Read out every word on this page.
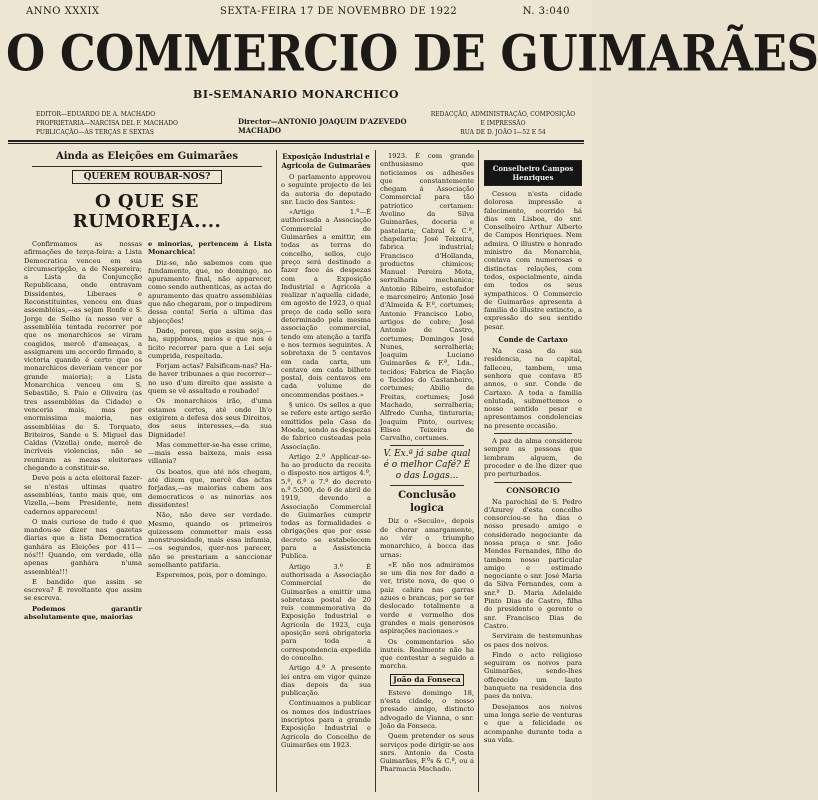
ANNO XXXIX	SEXTA-FEIRA 17 DE NOVEMBRO DE 1922	N. 3:040
O COMMERCIO DE GUIMARÃES
BI-SEMANARIO MONARCHICO
EDITOR—EDUARDO DE A. MACHADO
PROPRIETARIA—NARCISA DEL F. MACHADO
PUBLICAÇÃO—ÁS TERÇAS E SEXTAS
Director—ANTONIO JOAQUIM D'AZEVEDO MACHADO
REDACÇÃO, ADMINISTRAÇÃO, COMPOSIÇÃO E IMPRESSÃO
RUA DE D. JOÃO I—52 E 54
Ainda as Eleições em Guimarães
QUEREM ROUBAR-NOS?
O QUE SE RUMOREJA....

Confirmamos as nossas afirmações de terça-feira: a Lista Democratica venceu em sua circumscripção, a de Nespereira; a Lista da Conjuncção Republicana, onde entravam Dissidentes, Liberaes e Reconstituintes, venceu em duas assembléias,—as sejam Ronfe e S. Jorge de Selho (a nosso ver a assembléia tentada recorrer por que os monarchicos se viram coagidos, mercê d'ameaças, a assignarem um accordo firmado, a victoria quando é certo que os monarchicos deveriam vencer por grande maioria); a Lista Monarchica venceu em S. Sebastião, S. Paio e Oliveira (as tres assembléias da Cidade) e venceria mais, mas por enormissima maioria, nas assembléias de S. Torquato, Briteiros, Sande e S. Miguel das Caldas (Vizella) onde, mercê de incriveis violencias, não se reuniram as mezas eleitoraes chegando a constituir-se.

Deve pois a acta eleitoral fazer-se n'estas ultimas quatro assembléas, tanto mais que, em Vizella,—bem Presidente, nem cadernos apparecem!

O mais curioso de tudo é que mandou-se dizer nas gazetas diarias que a lista Democratica ganhára as Eleições por 411—nós!!! Quando, em verdade, ella apenas ganhára n'uma assembléa!!!

E bandido que assim se escreva? É revoltante que assim se escreva.

Podemos garantir absolutamente que, maiorias

e minorias, pertencem á Lista Monarchica!

Diz-se, não sabemos com que fundamento, que, no domingo, no apuramento final, não apparecer, como sendo authenticas, as actas do apuramento das quatro assembléias que não chegaram, por o impedirem dessa conta! Seria a ultima das abjecções!

Dado, porem, que assim seja,—ha, suppômos, meios e que nos é licito recorrer para que a Lei seja cumprida, respeitada.

Forjam actas? Falsificam-nas? Ha-de haver tribunaes a que recorrer—no uso d'um direito que assiste a quem se vê assaltado e roubado!

Os monarchicos irão, d'uma estamos certos, até onde lh'o exigirem a defesa dos seus Direitos, dos seus interesses,—da sua Dignidade!

Mas commetter-se-ha esse crime,—mais essa baixeza, mais essa villania?

Os boatos, que até nós chegam, até dizem que, mercê das actas forjadas,—as maiorias cabem aos democraticos e as minorias aos dissidentes!

Não, não deve ser verdade. Mesmo, quando os primeiros quizessem commetter mais essa monstruosidade, mais essa infamia,—os segundos, quer-nos parecer, não se prestariam a sanccionar semelhante patifaria.

Esperemos, pois, por o domingo.

Exposição Industrial e Agricola de Guimarães

O parlamento approvou o seguinte projecto de lei da autoria do deputado snr. Lucio dos Santos:

«Artigo 1.º—É authorisada a Associação Commercial de Guimarães a emittir, em todas as terras do concelho, sellos, cujo preço será destinado a fazer face ás despezas com a Exposição Industrial e Agricola a realizar n'aquella cidade, em agosto de 1923, o qual preço de cada sello sera determinado pela mesma associação commercial, tendo em atenção a tarifa e nos termos seguintes. A sobretaxa de 5 centavos em cada carta, um centavo em cada bilhete postal, dois centavos em cada volume de encommendas postaes.»

§ unico. Os sellos a que se refere este artigo serão emittidos pela Casa da Moeda, sendo as despezas de fabrico custeadas pela Associação.

Artigo 2.º Applicar-se-ha ao producto da receita o disposto nos artigos 4.º, 5.º, 6.º e 7.º do decreto n.º 5:500, de 6 de abril de 1919, devendo a Associação Commercial de Guimarães cumprir todas as formalidades e obrigações que por esse decreto se estabelecem para a Assistencia Publica.

Artigo 3.º É authorisada a Associação Commercial de Guimarães a emittir uma sobretaxa postal de 20 reis commemorativa da Exposição Industrial e Agricola de 1923, cuja aposição será obrigatoria para toda a correspondencia expedida do concelho.

Artigo 4.º A presente lei entra em vigor quinze dias depois da sua publicação.

Continuamos a publicar os nomes dos industriaes inscriptos para a grande Exposição Industrial e Agricola do Concelho de Guimarães em 1923.

1923. É com grande enthusiasmo que noticiamos os adhesões que constantemente chegam á Associação Commercial para tão patriotico certamen: Avelino da Silva Guimarães, doceria e pastelaria; Cabral & C.ª, chapelaria; José Teixeira, fabrica industrial; Francisco d'Hollanda, productos chimicos; Manuel Pereira Mota, serralharia mechanica; Antonio Ribeiro, estofador e marceneiro; Antonio José d'Almeida & F.ª, cortumes; Antonio Francisco Lobo, artigos de cobre; José Antonio de Castro, cortumes; Domingos José Nunes, serralheria; Joaquim Luciano Guimarães & F.ª, Lda., tecidos; Fabrica de Fiação e Tecidos do Castanheiro, cortumes; Abilio de Freitas, cortumes; José Machado, serralheria; Alfredo Cunha, tinturaria; Joaquim Pinto, ourives; Eliseo Teixeira de Carvalho, cortumes.

V. Ex.ª já sabe qual é o melhor Café? É o das Logas...

Conclusão logica

Diz o «Seculo», depois de chorar amargamente, ao vêr o triumpho monarchico, á bocca das urnas:

«E não nos admiramos se um dia nos for dado a ver, triste nova, de que o paiz cahira nas garras azues e brancas, por se ter deslocado totalmente a verde e vermelho dos grandes e mais generosos aspirações nacionaes.»

Os commentarios são inuteis. Realmente não ha que contestar a seguido a marcha.

João da Fonseca

Esteve domingo 18, n'esta cidade, o nosso presado amigo, distincto advogado de Vianna, o snr. João da Fonseca.

Quem pretender os seus serviços pode dirigir-se aos snrs. Antonio da Costa Guimarães, F.ºs & C.ª, ou á Pharmacia Machado.

Conselheiro Campos Henriques

Cessou n'esta cidade dolorosa impressão a falecimento, ocorrido há dias em Lisboa, do snr. Conselheiro Arthur Alberto de Campos Henriques. Nem admira. O illustre e honrado ministro da Monarchia, contava com numerosas e distinctas relações, com todos, especialmente, ainda em todos os seus sympathicos. O Commercio de Guimarães apresenta á familia do illustre extincto, a expressão do seu sentido pesar.

Conde de Cartaxo

Na casa da sua residencia, na capital, falleceu, tambem, uma senhora que contava 85 annos, o snr. Conde de Cartaxo. A toda a familia enlutada, submettemos o nosso sentido pesar e apresentamos condolencias na presente occasião.

A paz da alma considerou sempre as pessoas que lembram alguem, de proceder o de lhe dizer que pro perturbados.

CONSORCIO

Na parochial de S. Pedro d'Azurey d'esta concelho consorciou-se ha dias o nosso presado amigo e considerado negociante da nossa praça o snr. João Mendes Fernandes, filho do tambem nosso particular amigo e estimado negociante o snr. José Maria da Silva Fernandes, com a snr.ª D. Maria Adelaide Pinto Dias de Castro, filha do presidente e gerente o snr. Francisco Dias de Castro.

Serviram de testemunhas os paes dos noivos.

Findo o acto religioso seguiram os noivos para Guimarães, sendo-lhes offerecido um lauto banquete na residencia dos paes da noiva.

Desejamos aos noivos uma longa serie de venturas e que a felicidade os acompanhe durante toda a sua vida.
